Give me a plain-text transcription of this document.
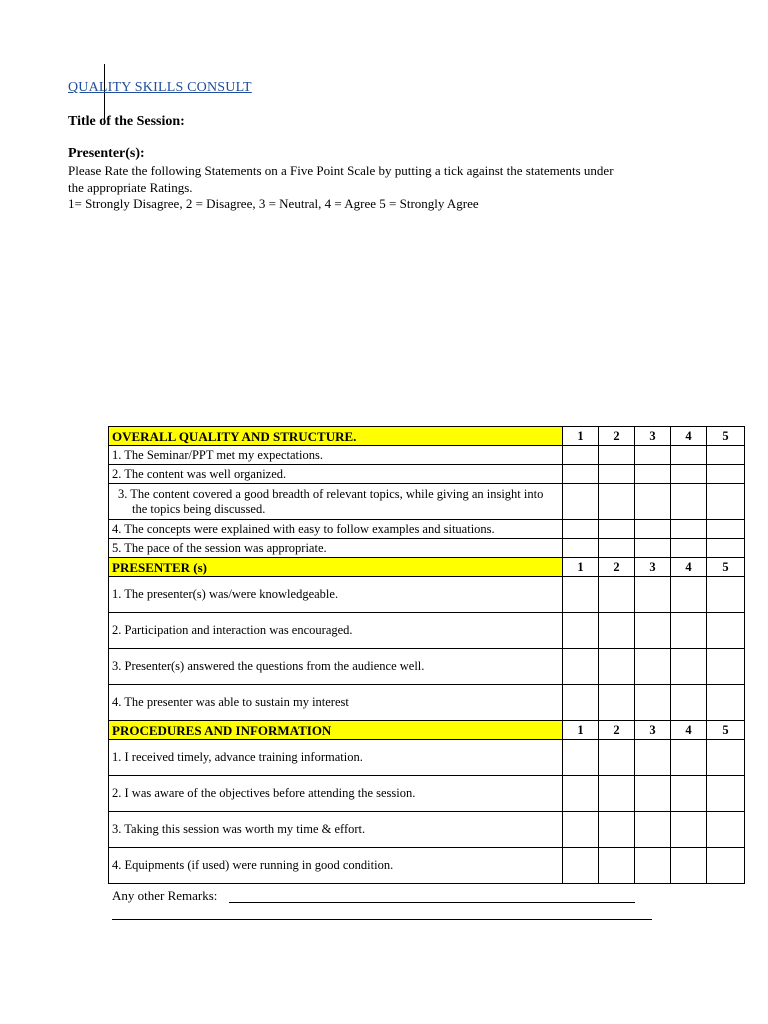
QUALITY SKILLS CONSULT
Title of the Session:
Presenter(s):
Please Rate the following Statements on a Five Point Scale by putting a tick against the statements under
the appropriate Ratings.
1= Strongly Disagree, 2 = Disagree, 3 = Neutral, 4 = Agree 5 = Strongly Agree
OVERALL QUALITY AND STRUCTURE.	1	2	3	4	5
1. The Seminar/PPT met my expectations.					
2. The content was well organized.					

3. The content covered a good breadth of relevant topics, while giving an insight into the topics being discussed.					

4. The concepts were explained with easy to follow examples and situations.					
5. The pace of the session was appropriate.					
PRESENTER (s)	1	2	3	4	5
1. The presenter(s) was/were knowledgeable.					
2. Participation and interaction was encouraged.					
3. Presenter(s) answered the questions from the audience well.					
4. The presenter was able to sustain my interest					
PROCEDURES AND INFORMATION	1	2	3	4	5
1. I received timely, advance training information.					
2. I was aware of the objectives before attending the session.					
3. Taking this session was worth my time & effort.					
4. Equipments (if used) were running in good condition.					
Any other Remarks:
